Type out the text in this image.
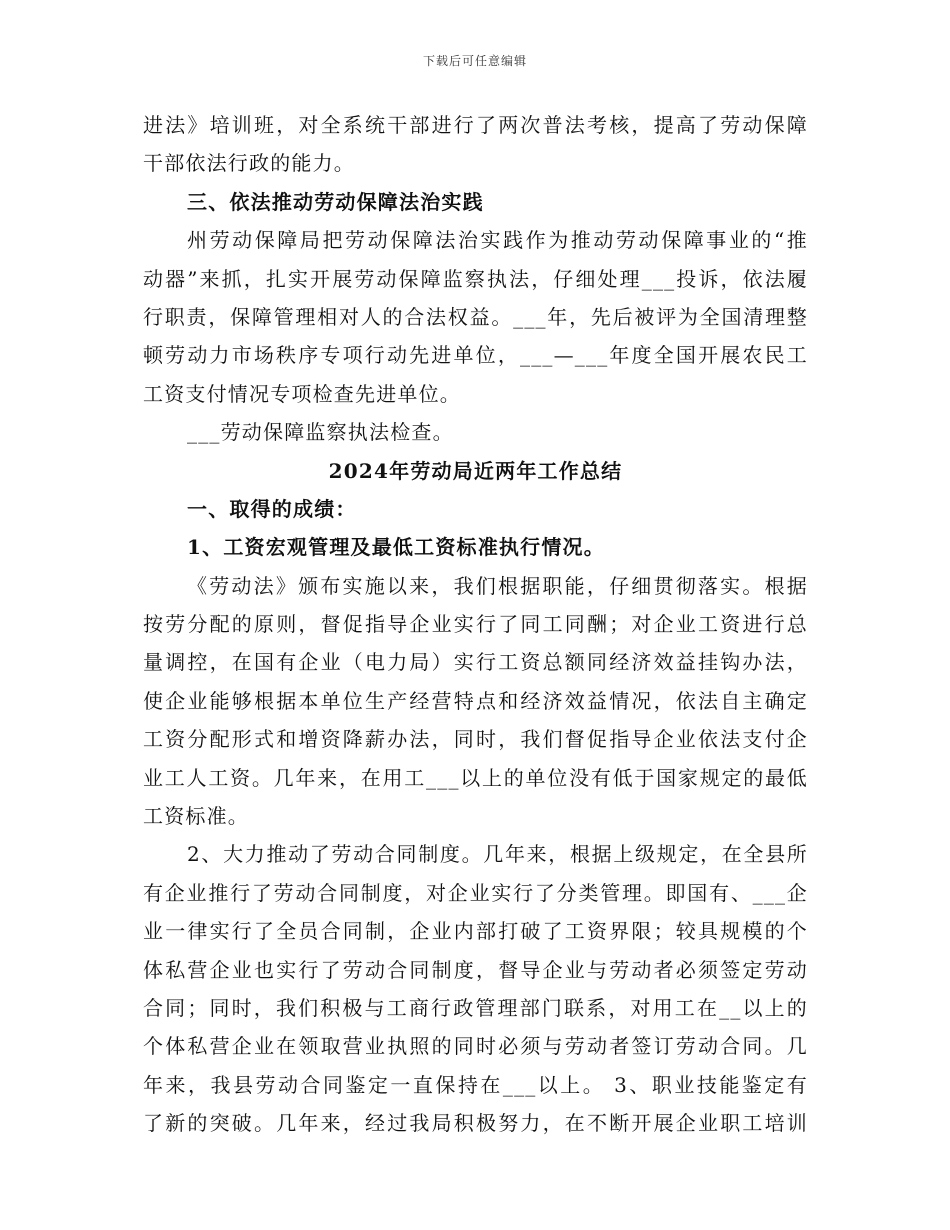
下载后可任意编辑
进法》培训班，对全系统干部进行了两次普法考核，提高了劳动保障
干部依法行政的能力。
三、依法推动劳动保障法治实践
州劳动保障局把劳动保障法治实践作为推动劳动保障事业的“推
动器”来抓，扎实开展劳动保障监察执法，仔细处理___投诉，依法履
行职责，保障管理相对人的合法权益。___年，先后被评为全国清理整
顿劳动力市场秩序专项行动先进单位，___—___年度全国开展农民工
工资支付情况专项检查先进单位。
___劳动保障监察执法检查。
2024年劳动局近两年工作总结
一、取得的成绩：
1、工资宏观管理及最低工资标准执行情况。
《劳动法》颁布实施以来，我们根据职能，仔细贯彻落实。根据
按劳分配的原则，督促指导企业实行了同工同酬；对企业工资进行总
量调控，在国有企业（电力局）实行工资总额同经济效益挂钩办法，
使企业能够根据本单位生产经营特点和经济效益情况，依法自主确定
工资分配形式和增资降薪办法，同时，我们督促指导企业依法支付企
业工人工资。几年来，在用工___以上的单位没有低于国家规定的最低
工资标准。
2、大力推动了劳动合同制度。几年来，根据上级规定，在全县所
有企业推行了劳动合同制度，对企业实行了分类管理。即国有、___企
业一律实行了全员合同制，企业内部打破了工资界限；较具规模的个
体私营企业也实行了劳动合同制度，督导企业与劳动者必须签定劳动
合同；同时，我们积极与工商行政管理部门联系，对用工在__以上的
个体私营企业在领取营业执照的同时必须与劳动者签订劳动合同。几
年来，我县劳动合同鉴定一直保持在___以上。 3、职业技能鉴定有
了新的突破。几年来，经过我局积极努力，在不断开展企业职工培训
